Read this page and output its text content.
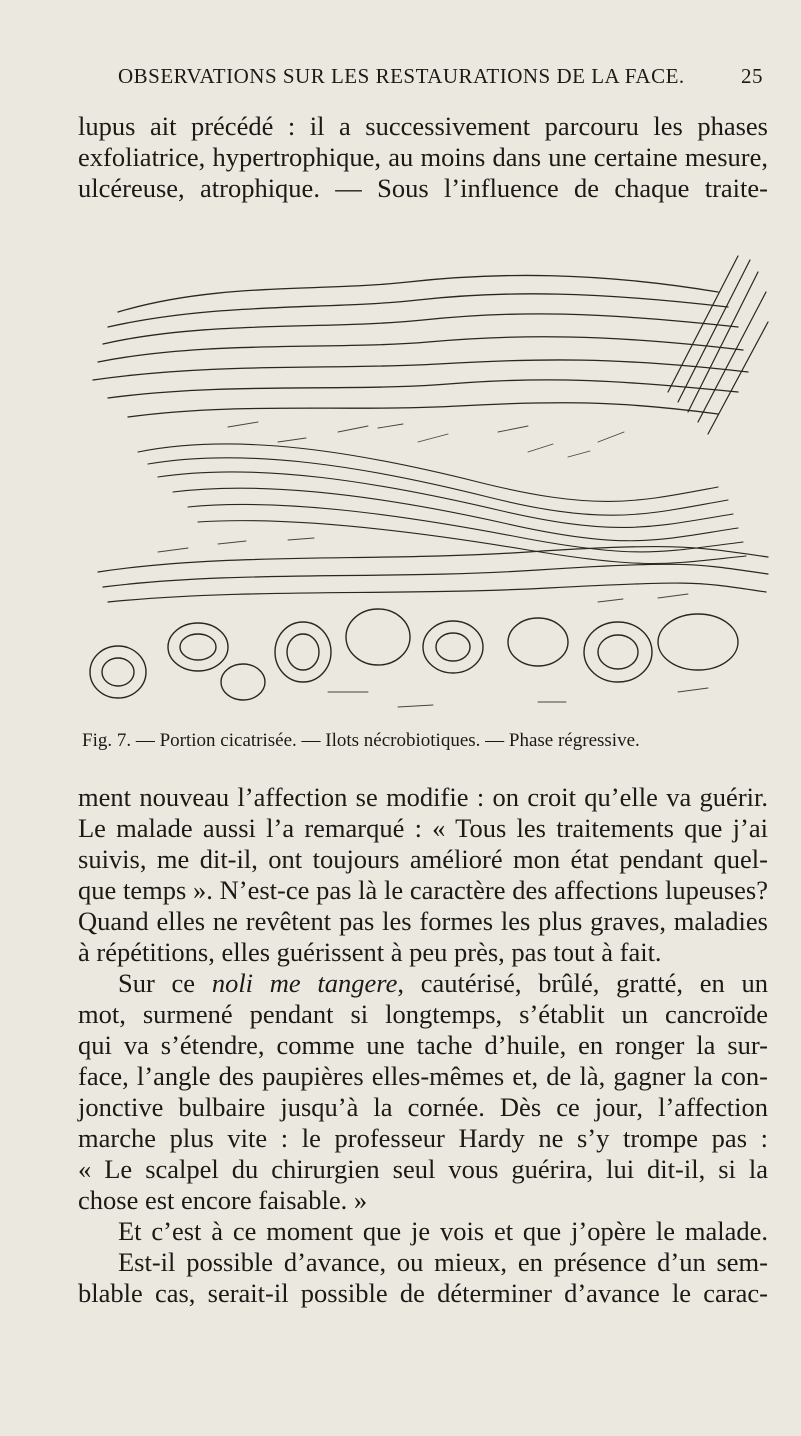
OBSERVATIONS SUR LES RESTAURATIONS DE LA FACE.	25
lupus ait précédé : il a successivement parcouru les phases
exfoliatrice, hypertrophique, au moins dans une certaine mesure,
ulcéreuse, atrophique. — Sous l’influence de chaque traite-
Fig. 7. — Portion cicatrisée. — Ilots nécrobiotiques. — Phase régressive.
ment nouveau l’affection se modifie : on croit qu’elle va guérir.
Le malade aussi l’a remarqué : « Tous les traitements que j’ai
suivis, me dit-il, ont toujours amélioré mon état pendant quel-
que temps ». N’est-ce pas là le caractère des affections lupeuses?
Quand elles ne revêtent pas les formes les plus graves, maladies
à répétitions, elles guérissent à peu près, pas tout à fait.
Sur ce noli me tangere, cautérisé, brûlé, gratté, en un
mot, surmené pendant si longtemps, s’établit un cancroïde
qui va s’étendre, comme une tache d’huile, en ronger la sur-
face, l’angle des paupières elles-mêmes et, de là, gagner la con-
jonctive bulbaire jusqu’à la cornée. Dès ce jour, l’affection
marche plus vite : le professeur Hardy ne s’y trompe pas :
« Le scalpel du chirurgien seul vous guérira, lui dit-il, si la
chose est encore faisable. »
Et c’est à ce moment que je vois et que j’opère le malade.
Est-il possible d’avance, ou mieux, en présence d’un sem-
blable cas, serait-il possible de déterminer d’avance le carac-
